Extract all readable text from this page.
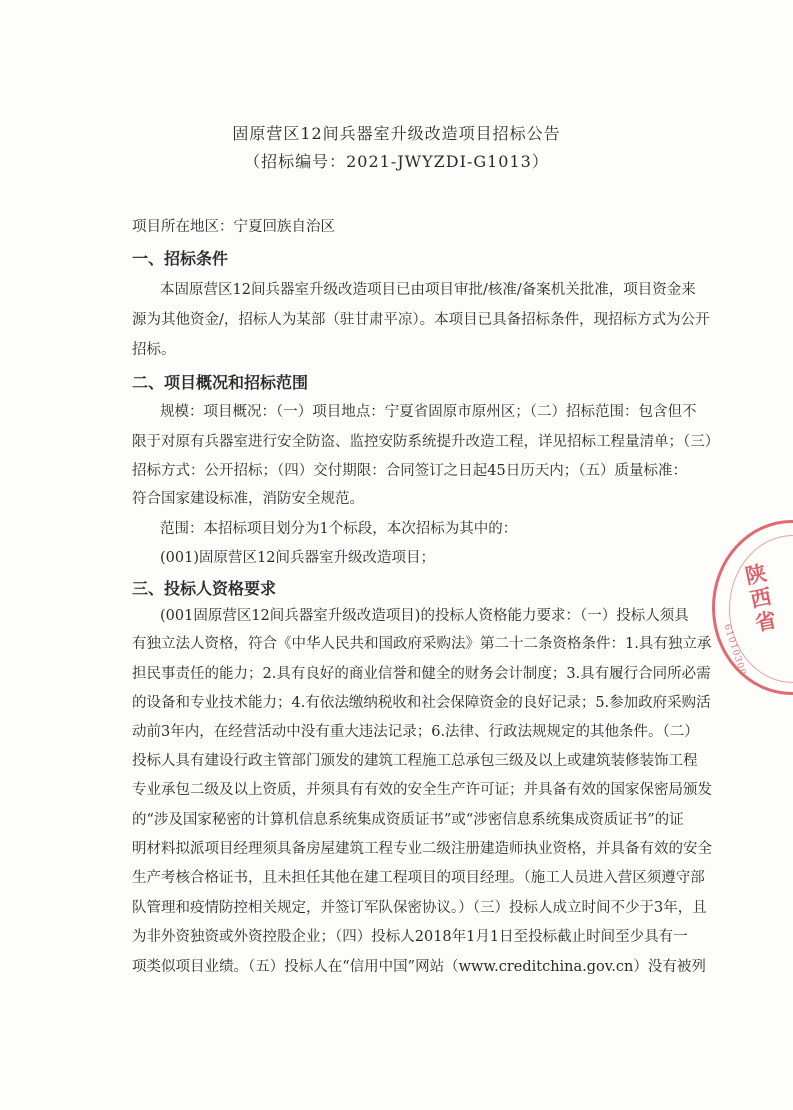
固原营区12间兵器室升级改造项目招标公告
（招标编号：2021-JWYZDI-G1013）
项目所在地区：宁夏回族自治区
一、招标条件
本固原营区12间兵器室升级改造项目已由项目审批/核准/备案机关批准，项目资金来
源为其他资金/，招标人为某部（驻甘肃平凉）。本项目已具备招标条件，现招标方式为公开
招标。
二、项目概况和招标范围
规模：项目概况：（一）项目地点：宁夏省固原市原州区；（二）招标范围：包含但不
限于对原有兵器室进行安全防盗、监控安防系统提升改造工程，详见招标工程量清单；（三）
招标方式：公开招标；（四）交付期限：合同签订之日起45日历天内；（五）质量标准：
符合国家建设标准，消防安全规范。
范围：本招标项目划分为1个标段，本次招标为其中的：
(001)固原营区12间兵器室升级改造项目；
三、投标人资格要求
(001固原营区12间兵器室升级改造项目)的投标人资格能力要求：（一）投标人须具
有独立法人资格，符合《中华人民共和国政府采购法》第二十二条资格条件：1.具有独立承
担民事责任的能力；2.具有良好的商业信誉和健全的财务会计制度；3.具有履行合同所必需
的设备和专业技术能力；4.有依法缴纳税收和社会保障资金的良好记录；5.参加政府采购活
动前3年内，在经营活动中没有重大违法记录；6.法律、行政法规规定的其他条件。（二）
投标人具有建设行政主管部门颁发的建筑工程施工总承包三级及以上或建筑装修装饰工程
专业承包二级及以上资质，并须具有有效的安全生产许可证；并具备有效的国家保密局颁发
的“涉及国家秘密的计算机信息系统集成资质证书”或“涉密信息系统集成资质证书”的证
明材料拟派项目经理须具备房屋建筑工程专业二级注册建造师执业资格，并具备有效的安全
生产考核合格证书，且未担任其他在建工程项目的项目经理。（施工人员进入营区须遵守部
队管理和疫情防控相关规定，并签订军队保密协议。）（三）投标人成立时间不少于3年，且
为非外资独资或外资控股企业；（四）投标人2018年1月1日至投标截止时间至少具有一
项类似项目业绩。（五）投标人在“信用中国”网站（www.creditchina.gov.cn）没有被列
陕西省
61010300
